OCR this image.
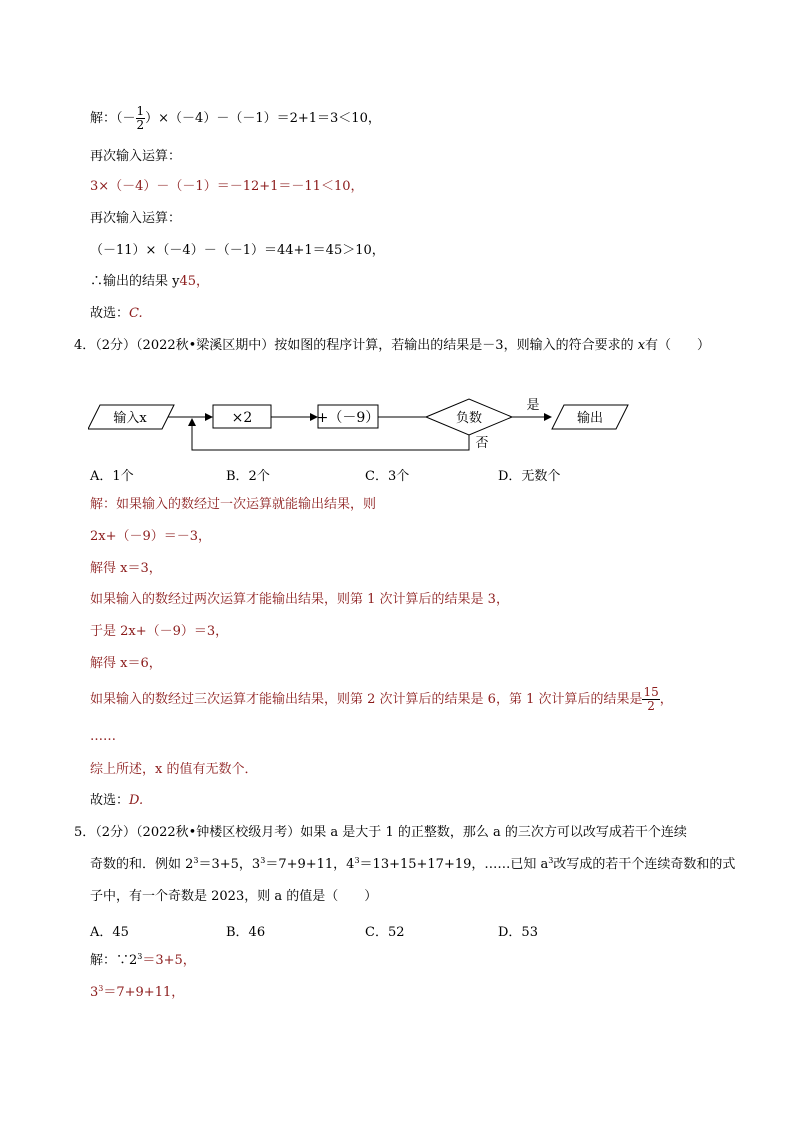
解：（－ $\frac{1}{2} )\times(-4)-(-1)=2+1=3<10$，
再次输入运算：
3×（－4）－（－1）＝－12+1＝－11＜10，
再次输入运算：
（－11）×（－4）－（－1）＝44+1＝45＞10，
∴输出的结果 y45，
故选：C.
4．（2分）（2022秋•梁溪区期中）按如图的程序计算，若输出的结果是－3，则输入的符合要求的 x有（　　）
输入x	×2	+（－9）	负数
是
输出
否
A．1个	B．2个	C．3个	D．无数个
解：如果输入的数经过一次运算就能输出结果，则
2x+（－9）＝－3，
解得 x＝3，
如果输入的数经过两次运算才能输出结果，则第 1 次计算后的结果是 3，
于是 2x+（－9）＝3，
解得 x＝6，
如果输入的数经过三次运算才能输出结果，则第 2 次计算后的结果是 6，第 1 次计算后的结果是 $\frac{15}{2}$ ，
……
综上所述，x 的值有无数个．
故选：D.
5．（2分）（2022秋•钟楼区校级月考）如果 a 是大于 1 的正整数，那么 a 的三次方可以改写成若干个连续
奇数的和．例如 $2^3=3+5$，$3^3=7+9+11$，$4^3=13+15+17+19$，……已知 $a^3$改写成的若干个连续奇数和的式
子中，有一个奇数是 2023，则 a 的值是（　　）
A．45	B．46	C．52	D．53
解：$\because 2^3=3+5$，
$3^3=7+9+11$，
